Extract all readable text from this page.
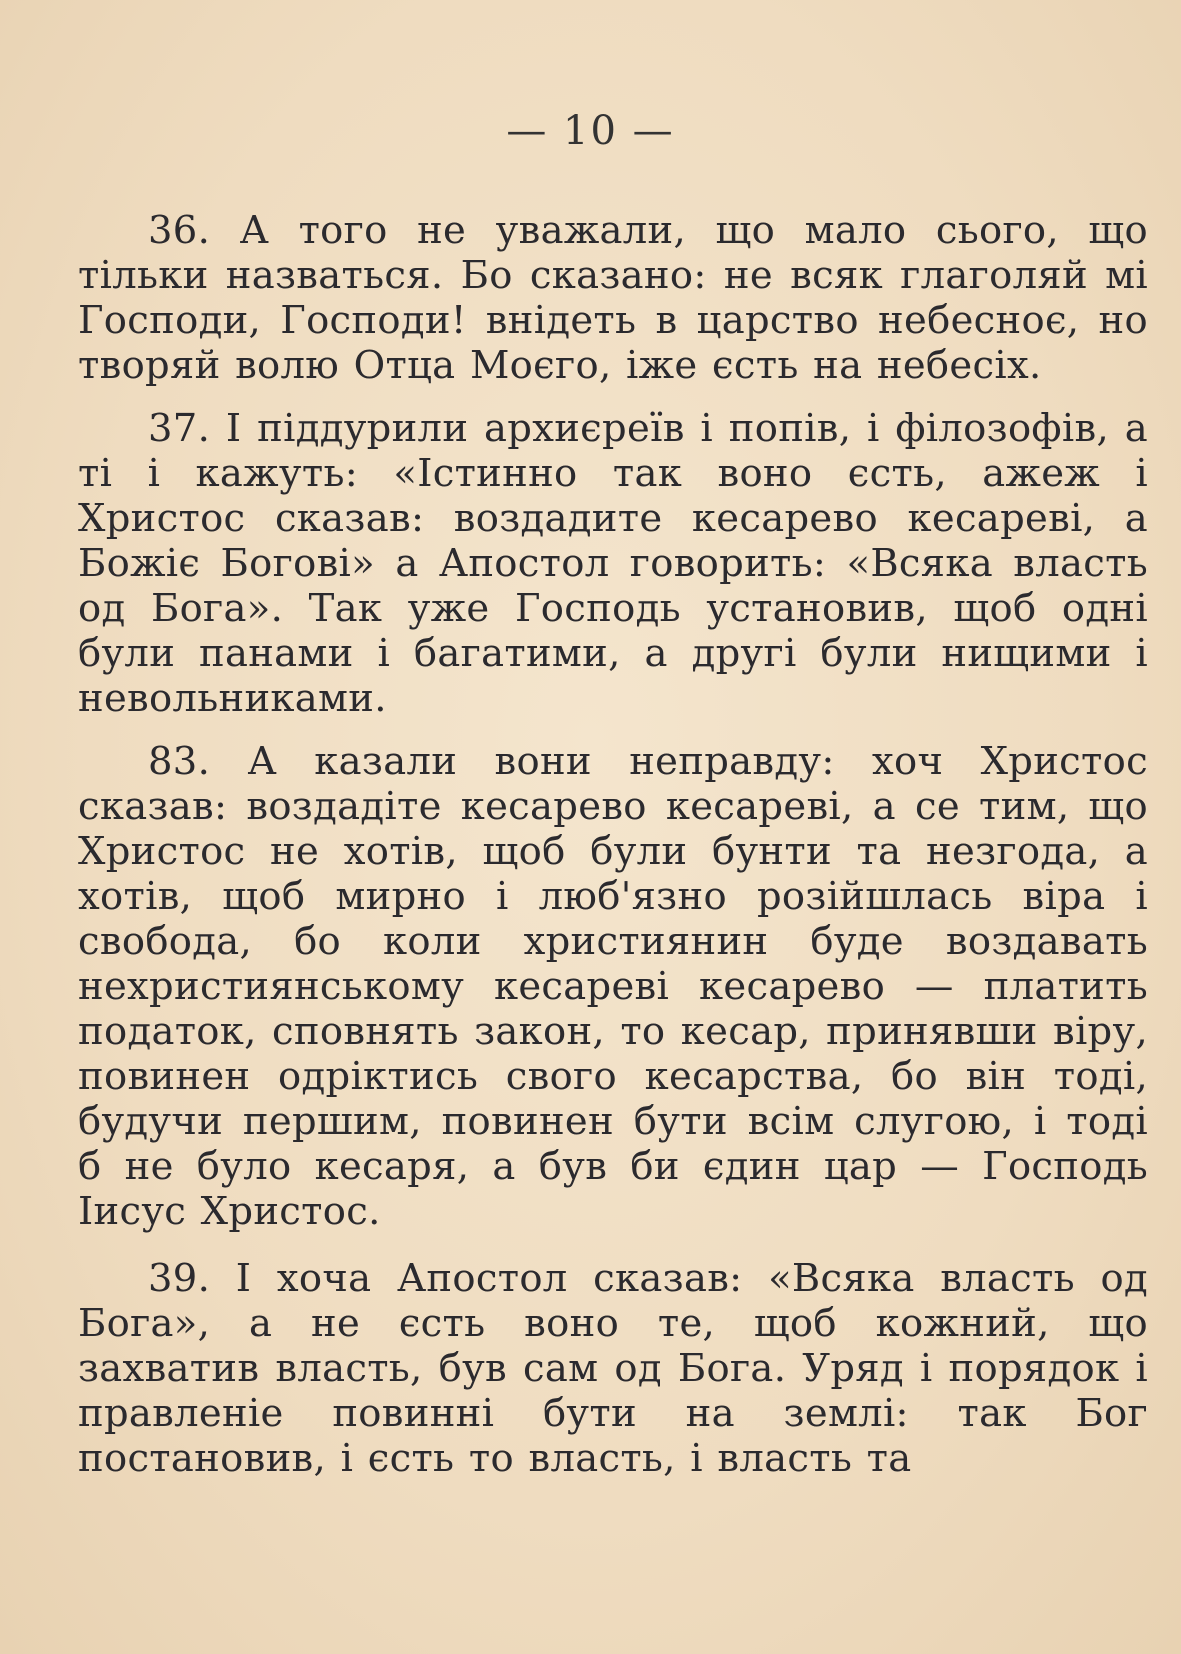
— 10 —

36. А того не уважали, що мало сього, що тільки назваться. Бо сказано: не всяк глаголяй мі Господи, Господи! внідеть в царство небесноє, но творяй волю Отца Моєго, іже єсть на небесіх.

37. І піддурили архиєреїв і попів, і філозофів, а ті і кажуть: «Істинно так воно єсть, ажеж і Христос сказав: воздадите кесарево кесареві, а Божіє Богові» а Апостол говорить: «Всяка власть од Бога». Так уже Господь установив, щоб одні були панами і багатими, а другі були нищими і невольниками.

83. А казали вони неправду: хоч Христос сказав: воздадіте кесарево кесареві, а се тим, що Христос не хотів, щоб були бунти та незгода, а хотів, щоб мирно і люб'язно розійшлась віра і свобода, бо коли християнин буде воздавать нехристиянському кесареві кесарево — платить податок, сповнять закон, то кесар, принявши віру, повинен одріктись свого кесарства, бо він тоді, будучи першим, повинен бути всім слугою, і тоді б не було кесаря, а був би єдин цар — Господь Іисус Христос.

39. І хоча Апостол сказав: «Всяка власть од Бога», а не єсть воно те, щоб кожний, що захватив власть, був сам од Бога. Уряд і порядок і правленіе повинні бути на землі: так Бог постановив, і єсть то власть, і власть та
